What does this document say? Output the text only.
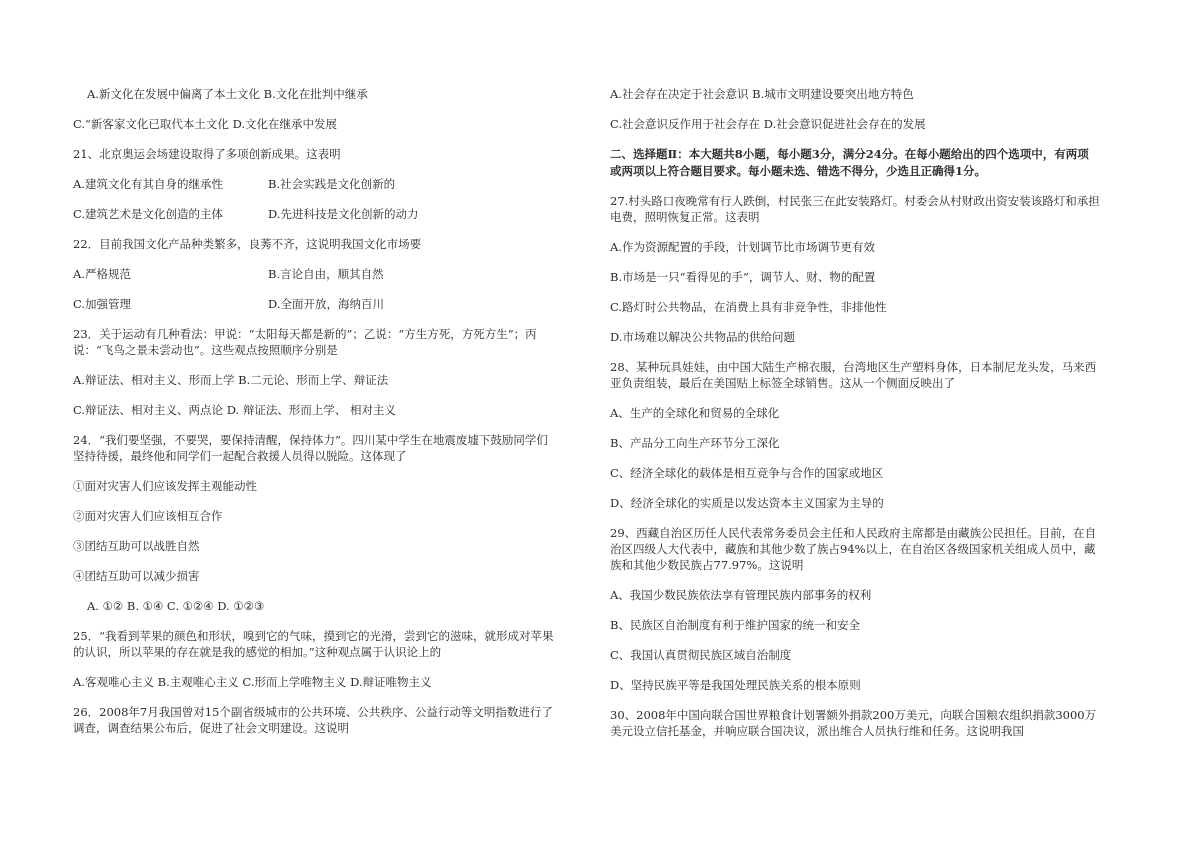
A.新文化在发展中偏离了本土文化 B.文化在批判中继承
C.“新客家文化已取代本土文化 D.文化在继承中发展
21、北京奥运会场建设取得了多项创新成果。这表明
A.建筑文化有其自身的继承性	B.社会实践是文化创新的
C.建筑艺术是文化创造的主体	D.先进科技是文化创新的动力
22．目前我国文化产品种类繁多，良莠不齐，这说明我国文化市场要
A.严格规范	B.言论自由，顺其自然
C.加强管理	D.全面开放，海纳百川
23．关于运动有几种看法：甲说：“太阳每天都是新的”；乙说：“方生方死，方死方生”；丙
说：“飞鸟之景未尝动也”。这些观点按照顺序分别是
A.辩证法、相对主义、形而上学 B.二元论、形而上学、辩证法
C.辩证法、相对主义、两点论 D. 辩证法、形而上学、 相对主义
24．“我们要坚强，不要哭，要保持清醒，保持体力”。四川某中学生在地震废墟下鼓励同学们
坚持待援，最终他和同学们一起配合救援人员得以脱险。这体现了
①面对灾害人们应该发挥主观能动性
②面对灾害人们应该相互合作
③团结互助可以战胜自然
④团结互助可以减少损害
A. ①② B. ①④ C. ①②④ D. ①②③
25．“我看到苹果的颜色和形状，嗅到它的气味，摸到它的光滑，尝到它的滋味，就形成对苹果
的认识，所以苹果的存在就是我的感觉的相加。”这种观点属于认识论上的
A.客观唯心主义 B.主观唯心主义 C.形而上学唯物主义 D.辩证唯物主义
26．2008年7月我国曾对15个副省级城市的公共环境、公共秩序、公益行动等文明指数进行了
调查，调查结果公布后，促进了社会文明建设。这说明
A.社会存在决定于社会意识 B.城市文明建设要突出地方特色
C.社会意识反作用于社会存在 D.社会意识促进社会存在的发展
二、选择题Ⅱ：本大题共8小题，每小题3分，满分24分。在每小题给出的四个选项中，有两项
或两项以上符合题目要求。每小题未选、错选不得分，少选且正确得1分。
27.村头路口夜晚常有行人跌倒，村民张三在此安装路灯。村委会从村财政出资安装该路灯和承担
电费，照明恢复正常。这表明
A.作为资源配置的手段，计划调节比市场调节更有效
B.市场是一只“看得见的手”，调节人、财、物的配置
C.路灯时公共物品，在消费上具有非竞争性，非排他性
D.市场难以解决公共物品的供给问题
28、某种玩具娃娃，由中国大陆生产棉衣服，台湾地区生产塑料身体，日本制尼龙头发，马来西
亚负责组装，最后在美国贴上标签全球销售。这从一个侧面反映出了
A、生产的全球化和贸易的全球化
B、产品分工向生产环节分工深化
C、经济全球化的载体是相互竞争与合作的国家或地区
D、经济全球化的实质是以发达资本主义国家为主导的
29、西藏自治区历任人民代表常务委员会主任和人民政府主席都是由藏族公民担任。目前，在自
治区四级人大代表中，藏族和其他少数了族占94%以上，在自治区各级国家机关组成人员中，藏
族和其他少数民族占77.97%。这说明
A、我国少数民族依法享有管理民族内部事务的权利
B、民族区自治制度有利于维护国家的统一和安全
C、我国认真贯彻民族区域自治制度
D、坚持民族平等是我国处理民族关系的根本原则
30、2008年中国向联合国世界粮食计划署额外捐款200万美元，向联合国粮农组织捐款3000万
美元设立信托基金，并响应联合国决议，派出维合人员执行维和任务。这说明我国
